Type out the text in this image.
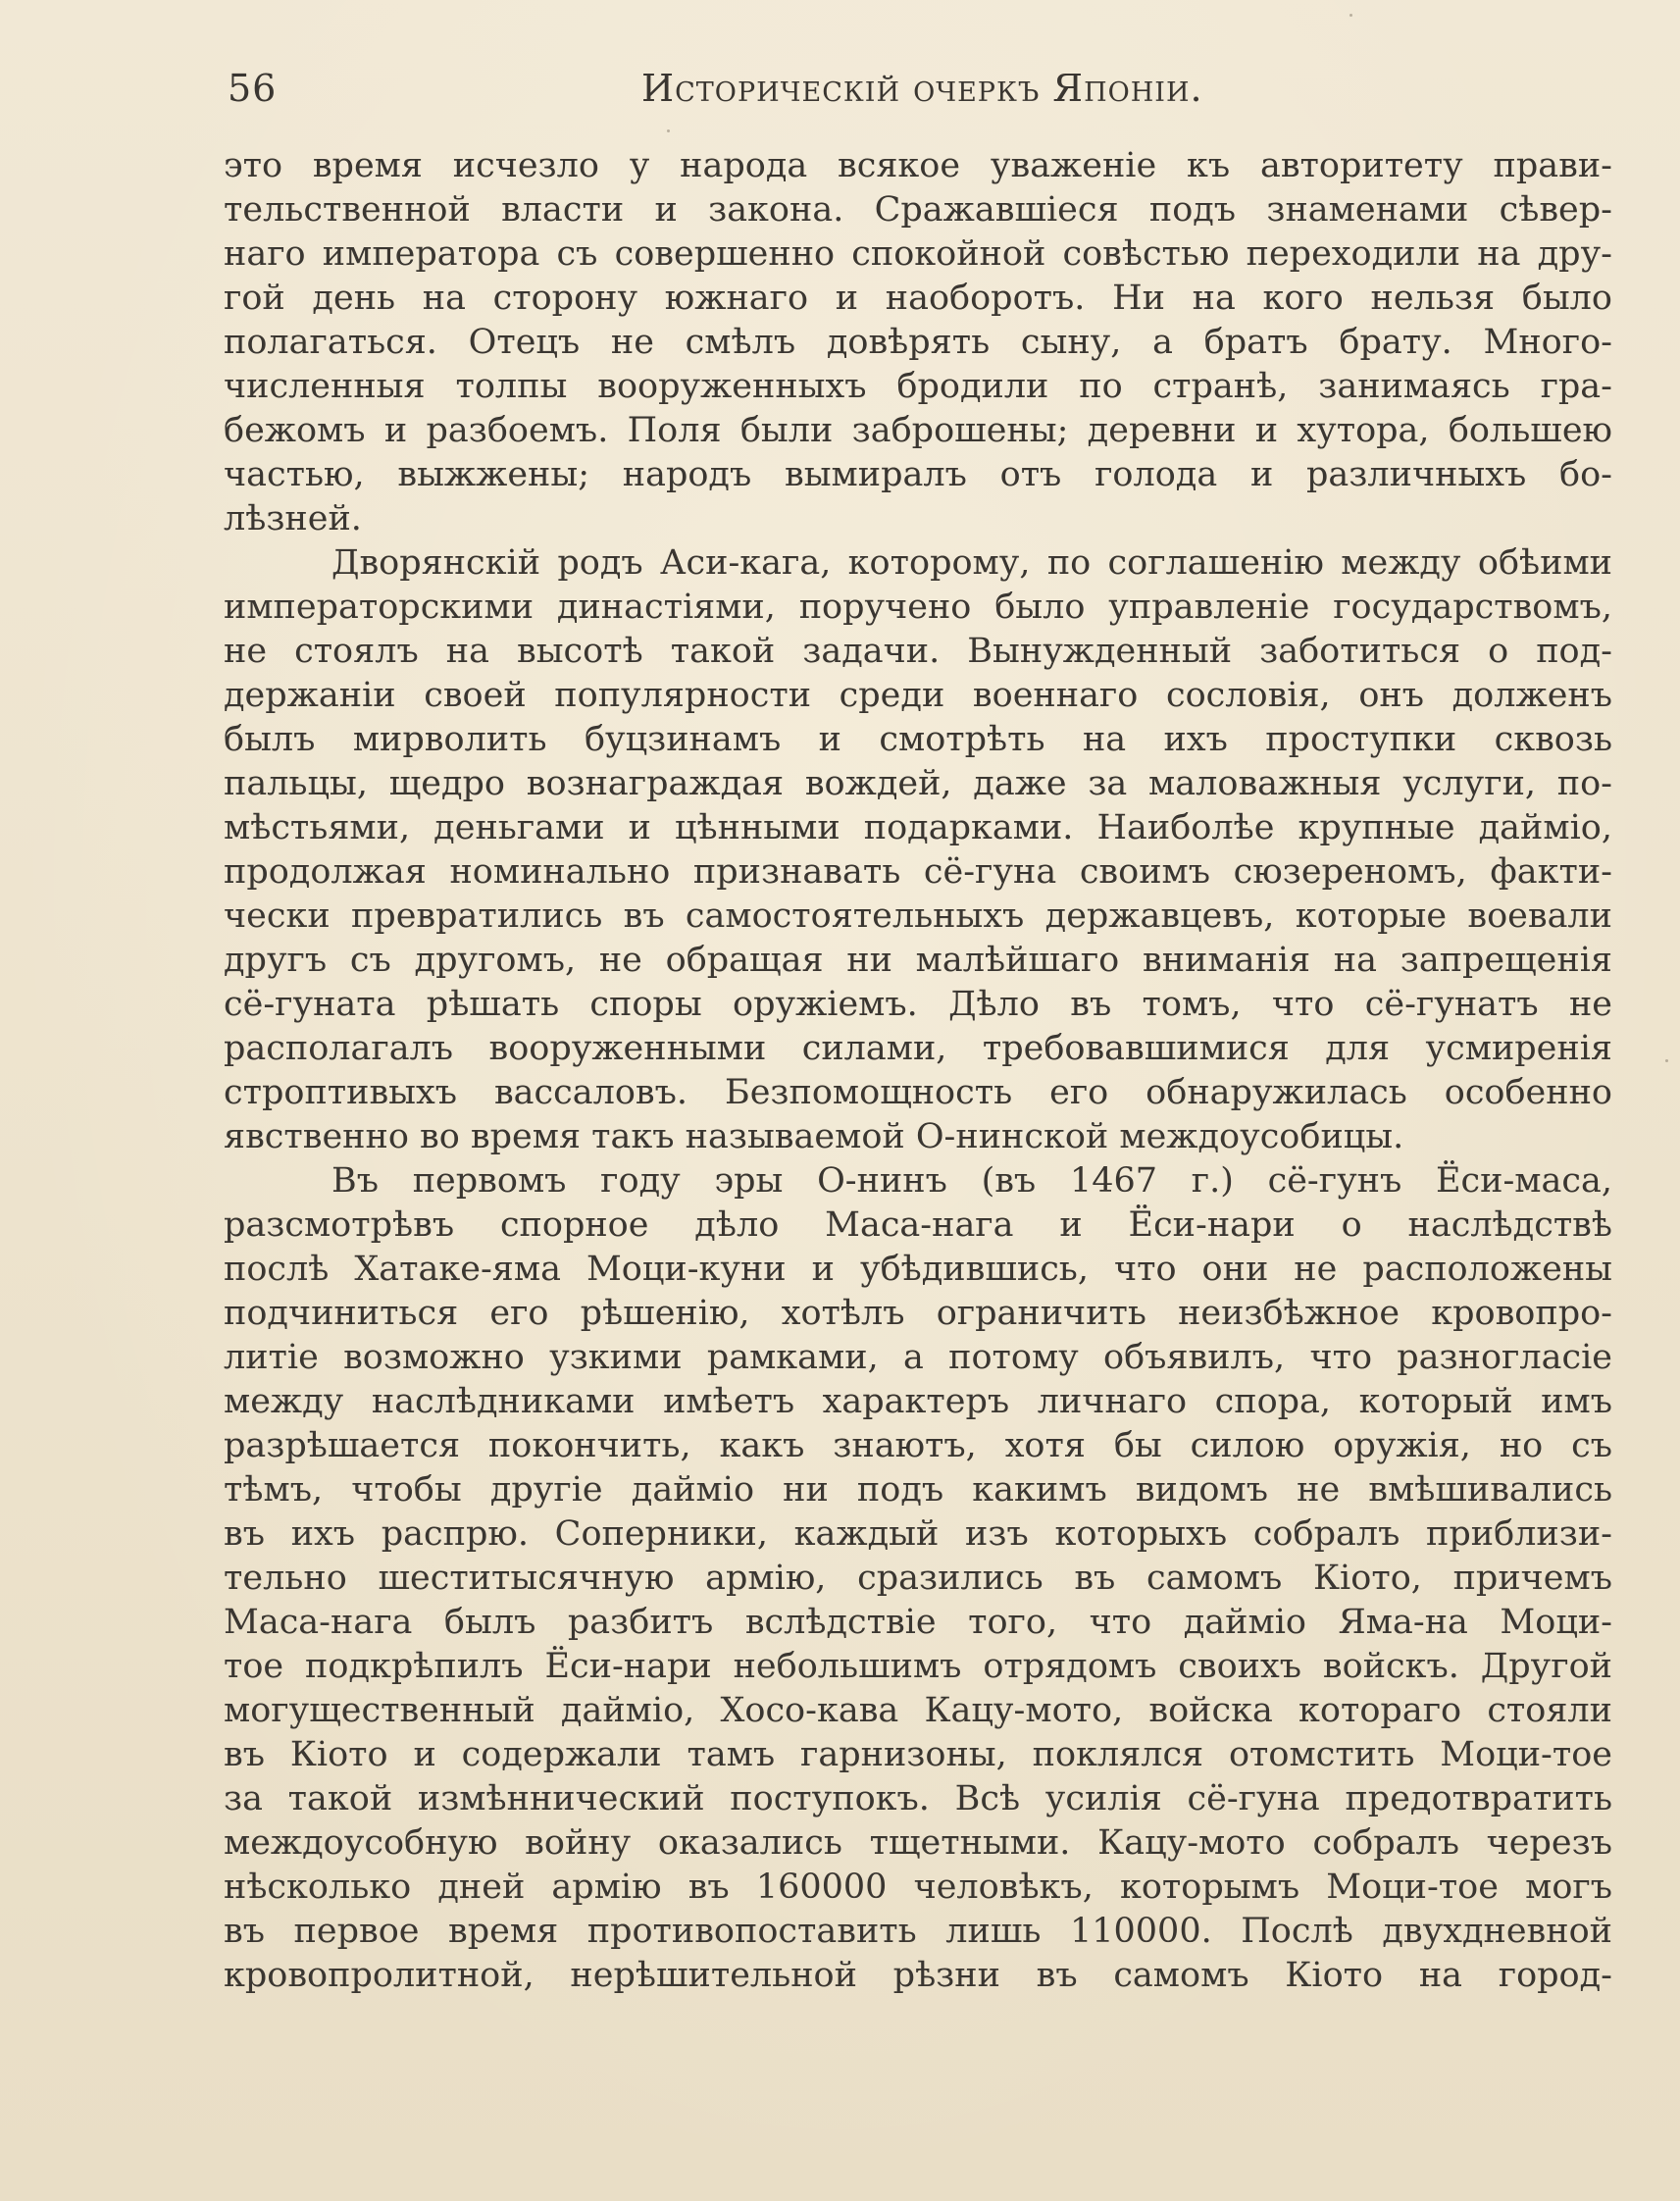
56	Историческій очеркъ Японіи.
это время исчезло у народа всякое уваженіе къ авторитету прави-
тельственной власти и закона. Сражавшіеся подъ знаменами сѣвер-
наго императора съ совершенно спокойной совѣстью переходили на дру-
гой день на сторону южнаго и наоборотъ. Ни на кого нельзя было
полагаться. Отецъ не смѣлъ довѣрять сыну, а братъ брату. Много-
численныя толпы вооруженныхъ бродили по странѣ, занимаясь гра-
бежомъ и разбоемъ. Поля были заброшены; деревни и хутора, большею
частью, выжжены; народъ вымиралъ отъ голода и различныхъ бо-
лѣзней.
Дворянскій родъ Аси-кага, которому, по соглашенію между обѣими
императорскими династіями, поручено было управленіе государствомъ,
не стоялъ на высотѣ такой задачи. Вынужденный заботиться о под-
держаніи своей популярности среди военнаго сословія, онъ долженъ
былъ мирволить буцзинамъ и смотрѣть на ихъ проступки сквозь
пальцы, щедро вознаграждая вождей, даже за маловажныя услуги, по-
мѣстьями, деньгами и цѣнными подарками. Наиболѣе крупные дайміо,
продолжая номинально признавать сё-гуна своимъ сюзереномъ, факти-
чески превратились въ самостоятельныхъ державцевъ, которые воевали
другъ съ другомъ, не обращая ни малѣйшаго вниманія на запрещенія
сё-гуната рѣшать споры оружіемъ. Дѣло въ томъ, что сё-гунатъ не
располагалъ вооруженными силами, требовавшимися для усмиренія
строптивыхъ вассаловъ. Безпомощность его обнаружилась особенно
явственно во время такъ называемой О-нинской междоусобицы.
Въ первомъ году эры О-нинъ (въ 1467 г.) сё-гунъ Ёси-маса,
разсмотрѣвъ спорное дѣло Маса-нага и Ёси-нари о наслѣдствѣ
послѣ Хатаке-яма Моци-куни и убѣдившись, что они не расположены
подчиниться его рѣшенію, хотѣлъ ограничить неизбѣжное кровопро-
литіе возможно узкими рамками, а потому объявилъ, что разногласіе
между наслѣдниками имѣетъ характеръ личнаго спора, который имъ
разрѣшается покончить, какъ знаютъ, хотя бы силою оружія, но съ
тѣмъ, чтобы другіе дайміо ни подъ какимъ видомъ не вмѣшивались
въ ихъ распрю. Соперники, каждый изъ которыхъ собралъ приблизи-
тельно шеститысячную армію, сразились въ самомъ Кіото, причемъ
Маса-нага былъ разбитъ вслѣдствіе того, что дайміо Яма-на Моци-
тое подкрѣпилъ Ёси-нари небольшимъ отрядомъ своихъ войскъ. Другой
могущественный дайміо, Хосо-кава Кацу-мото, войска котораго стояли
въ Кіото и содержали тамъ гарнизоны, поклялся отомстить Моци-тое
за такой измѣннический поступокъ. Всѣ усилія сё-гуна предотвратить
междоусобную войну оказались тщетными. Кацу-мото собралъ черезъ
нѣсколько дней армію въ 160000 человѣкъ, которымъ Моци-тое могъ
въ первое время противопоставить лишь 110000. Послѣ двухдневной
кровопролитной, нерѣшительной рѣзни въ самомъ Кіото на город-
